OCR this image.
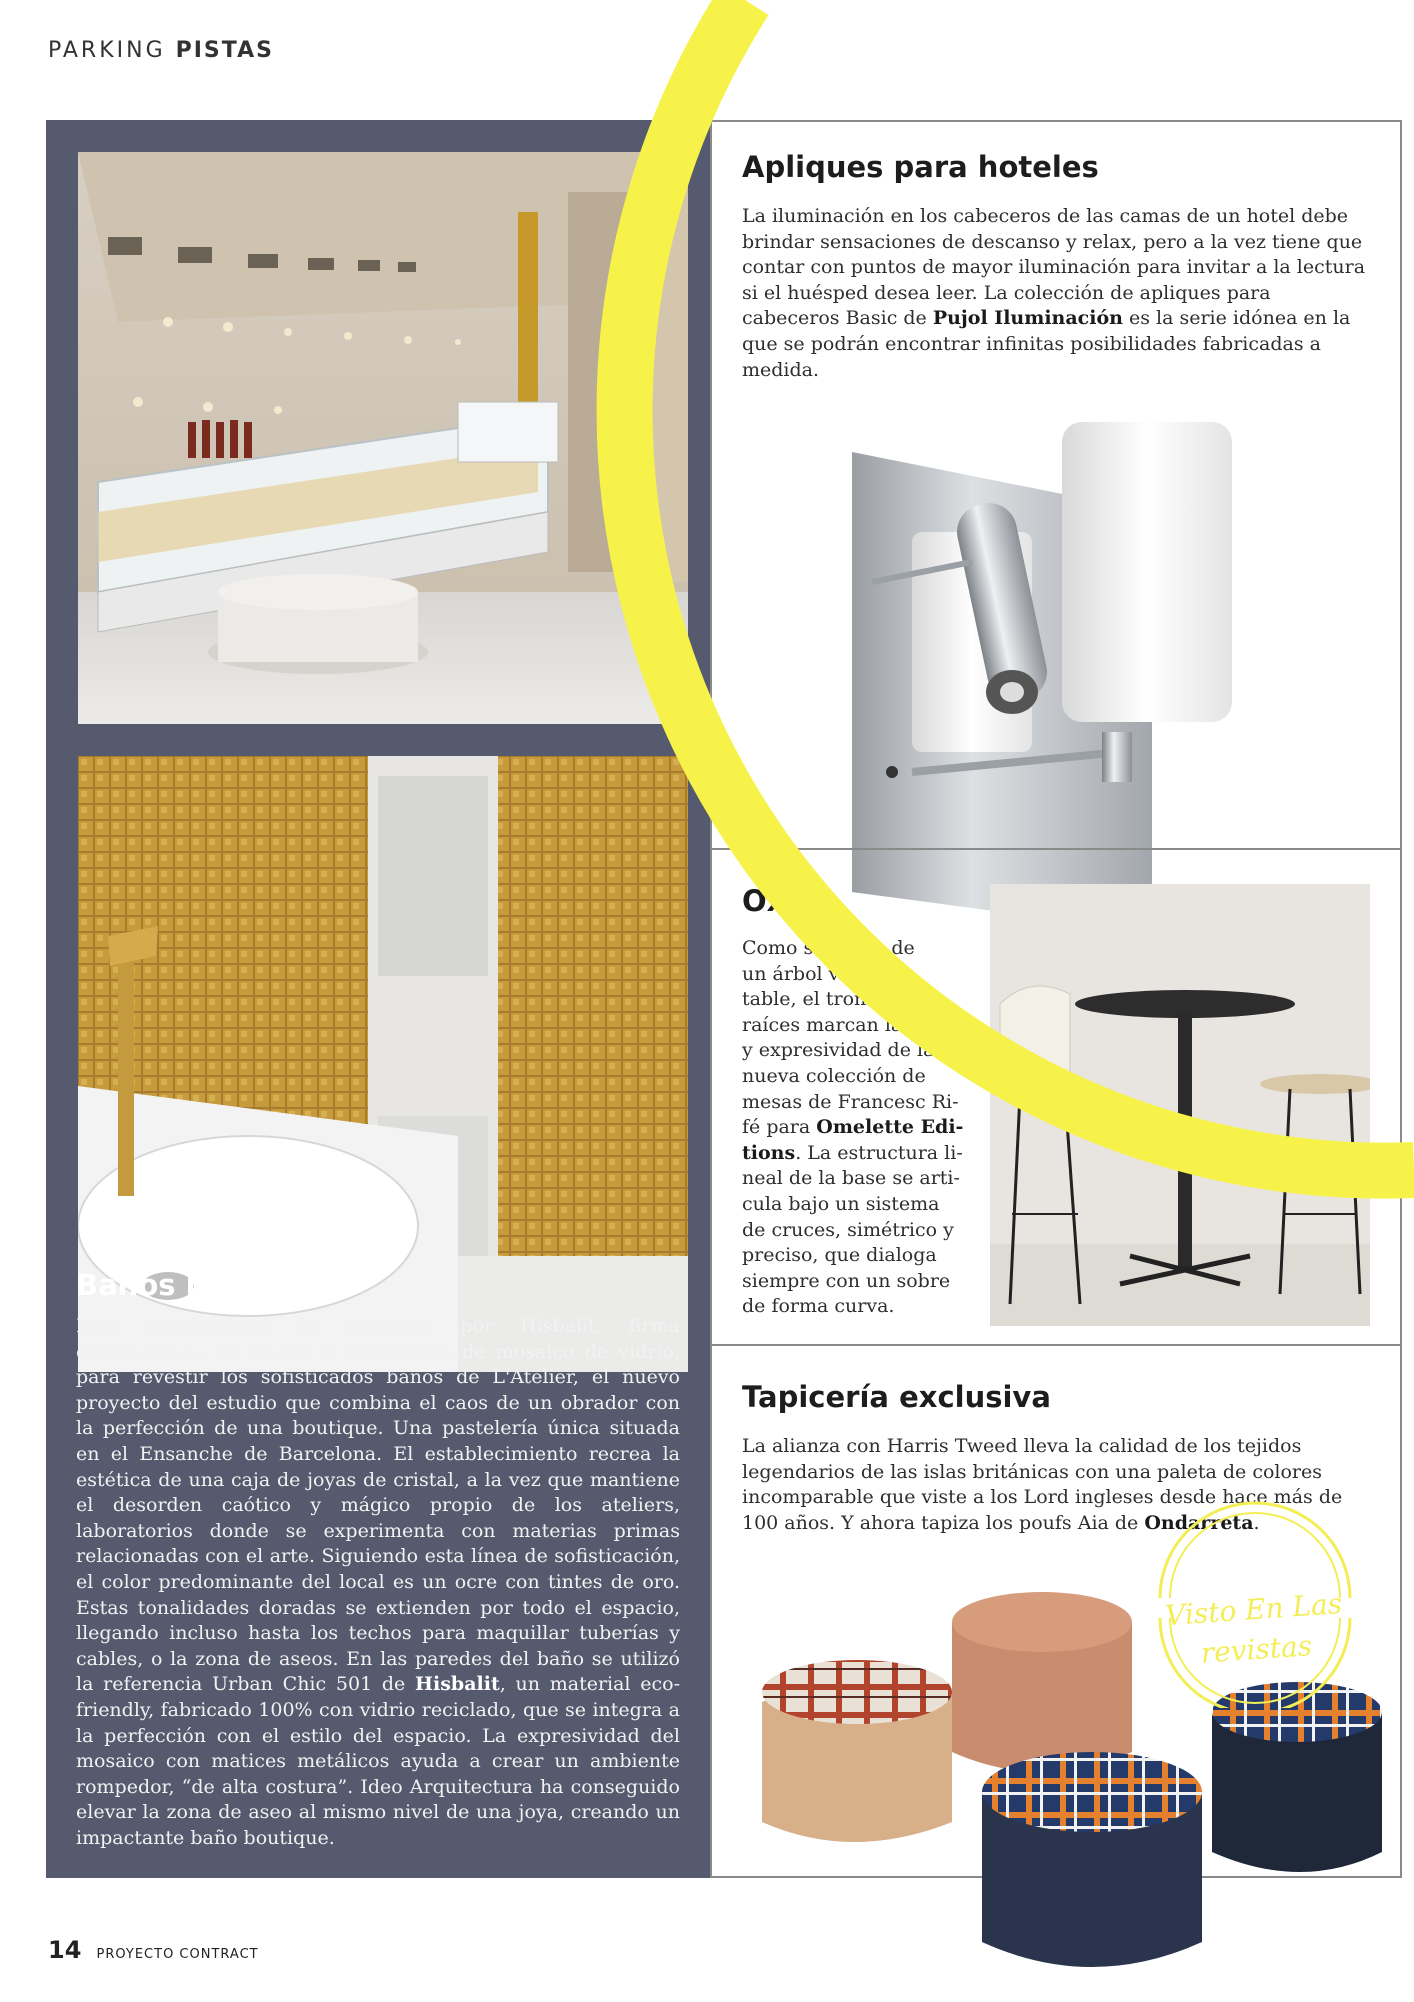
PARKING PISTAS
Baños boutique
Ideo Arquitectura ha apostado por Hisbalit, firma especializada en diseño y fabricación de mosaico de vidrio, para revestir los sofisticados baños de L'Atelier, el nuevo proyecto del estudio que combina el caos de un obrador con la perfección de una boutique. Una pastelería única situada en el Ensanche de Barcelona. El establecimiento recrea la estética de una caja de joyas de cristal, a la vez que mantiene el desorden caótico y mágico propio de los ateliers, laboratorios donde se experimenta con materias primas relacionadas con el arte. Siguiendo esta línea de sofisticación, el color predominante del local es un ocre con tintes de oro. Estas tonalidades doradas se extienden por todo el espacio, llegando incluso hasta los techos para maquillar tuberías y cables, o la zona de aseos. En las paredes del baño se utilizó la referencia Urban Chic 501 de Hisbalit, un material eco-friendly, fabricado 100% con vidrio reciclado, que se integra a la perfección con el estilo del espacio. La expresividad del mosaico con matices metálicos ayuda a crear un ambiente rompedor, “de alta costura”. Ideo Arquitectura ha conseguido elevar la zona de aseo al mismo nivel de una joya, creando un impactante baño boutique.
Apliques para hoteles
La iluminación en los cabeceros de las camas de un hotel debe brindar sensaciones de descanso y relax, pero a la vez tiene que contar con puntos de mayor iluminación para invitar a la lectura si el huésped desea leer. La colección de apliques para cabeceros Basic de Pujol Iluminación es la serie idónea en la que se podrán encontrar infinitas posibilidades fabricadas a medida.
Ox
Como si	de
un árbol vig
table, el tronco
raíces marcan la v
y expresividad de la
nueva colección de
mesas de Francesc Ri-
fé para Omelette Edi-
tions. La estructura li-
neal de la base se arti-
cula bajo un sistema
de cruces, simétrico y
preciso, que dialoga
siempre con un sobre
de forma curva.
Tapicería exclusiva
La alianza con Harris Tweed lleva la calidad de los tejidos legendarios de las islas británicas con una paleta de colores incomparable que viste a los Lord ingleses desde hace más de 100 años. Y ahora tapiza los poufs Aia de Ondarreta.
Visto En Las
revistas
14 PROYECTO CONTRACT
